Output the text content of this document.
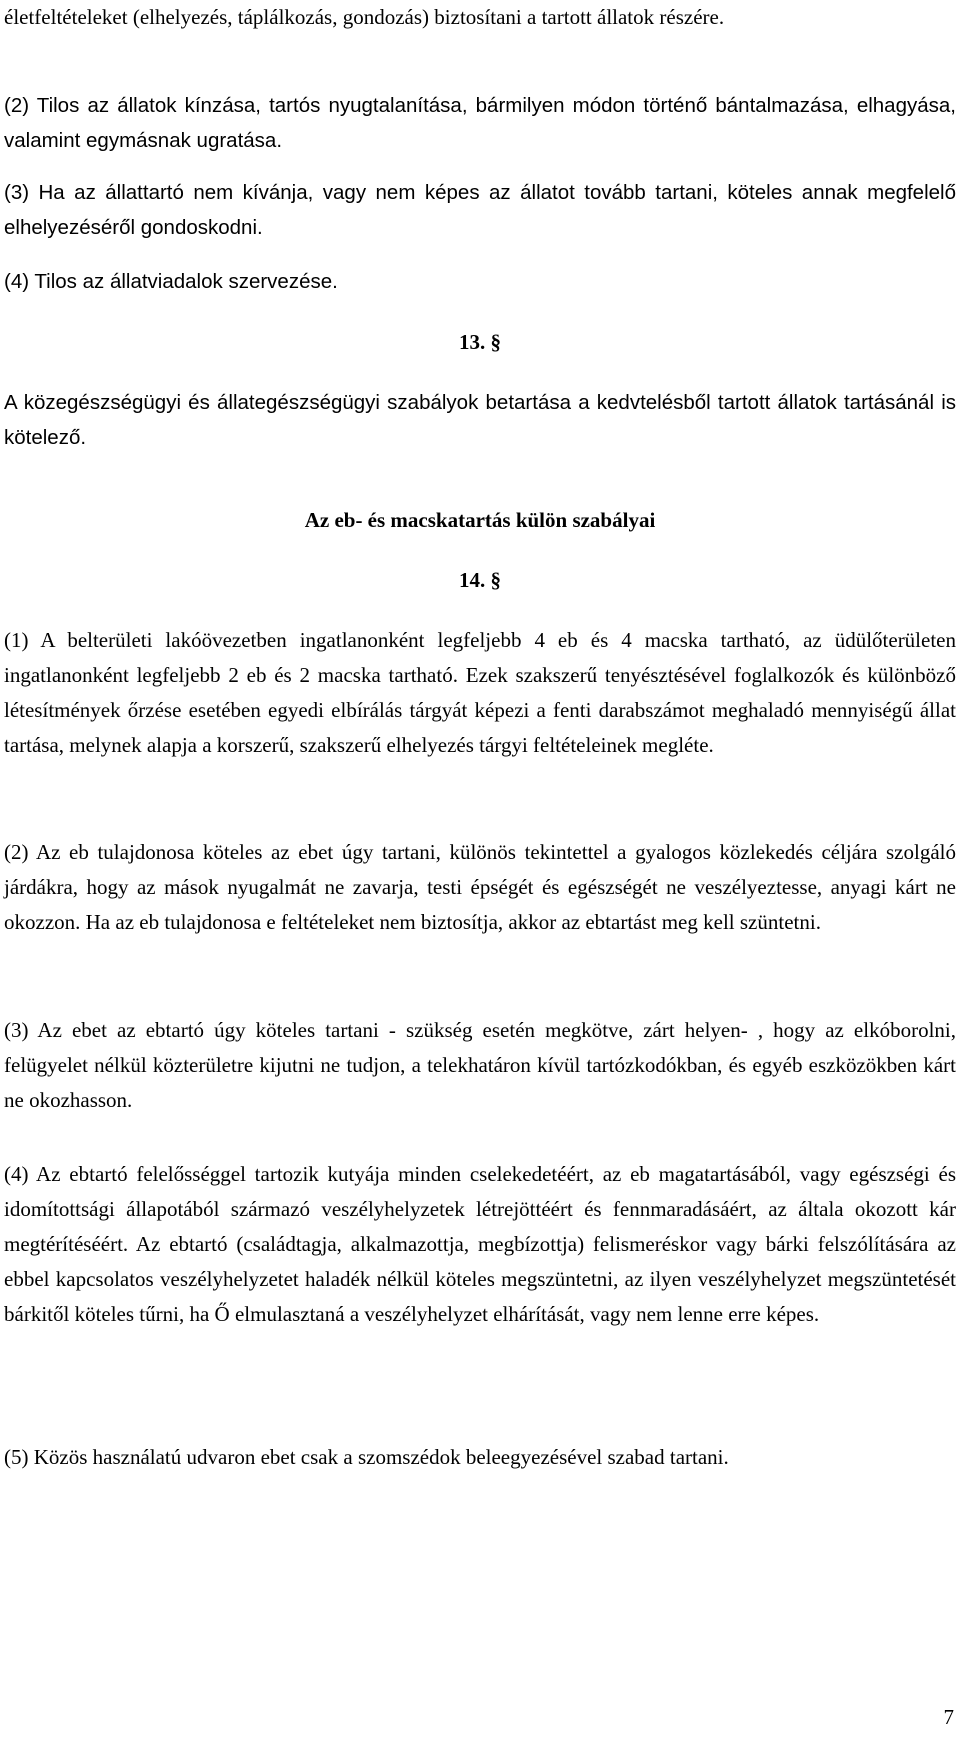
életfeltételeket (elhelyezés, táplálkozás, gondozás) biztosítani a tartott állatok részére.

(2) Tilos az állatok kínzása, tartós nyugtalanítása, bármilyen módon történő bántalmazása, elhagyása, valamint egymásnak ugratása.

(3) Ha az állattartó nem kívánja, vagy nem képes az állatot tovább tartani, köteles annak megfelelő elhelyezéséről gondoskodni.

(4) Tilos az állatviadalok szervezése.

13. §

A közegészségügyi és állategészségügyi szabályok betartása a kedvtelésből tartott állatok tartásánál is kötelező.

Az eb- és macskatartás külön szabályai

14. §

(1) A belterületi lakóövezetben ingatlanonként legfeljebb 4 eb és 4 macska tartható, az üdülőterületen ingatlanonként legfeljebb 2 eb és 2 macska tartható. Ezek szakszerű tenyésztésével foglalkozók és különböző létesítmények őrzése esetében egyedi elbírálás tárgyát képezi a fenti darabszámot meghaladó mennyiségű állat tartása, melynek alapja a korszerű, szakszerű elhelyezés tárgyi feltételeinek megléte.

(2) Az eb tulajdonosa köteles az ebet úgy tartani, különös tekintettel a gyalogos közlekedés céljára szolgáló járdákra, hogy az mások nyugalmát ne zavarja, testi épségét és egészségét ne veszélyeztesse, anyagi kárt ne okozzon. Ha az eb tulajdonosa e feltételeket nem biztosítja, akkor az ebtartást meg kell szüntetni.

(3) Az ebet az ebtartó úgy köteles tartani - szükség esetén megkötve, zárt helyen- , hogy az elkóborolni, felügyelet nélkül közterületre kijutni ne tudjon, a telekhatáron kívül tartózkodókban, és egyéb eszközökben kárt ne okozhasson.

(4) Az ebtartó felelősséggel tartozik kutyája minden cselekedetéért, az eb magatartásából, vagy egészségi és idomítottsági állapotából származó veszélyhelyzetek létrejöttéért és fennmaradásáért, az általa okozott kár megtérítéséért. Az ebtartó (családtagja, alkalmazottja, megbízottja) felismeréskor vagy bárki felszólítására az ebbel kapcsolatos veszélyhelyzetet haladék nélkül köteles megszüntetni, az ilyen veszélyhelyzet megszüntetését bárkitől köteles tűrni, ha Ő elmulasztaná a veszélyhelyzet elhárítását, vagy nem lenne erre képes.

(5) Közös használatú udvaron ebet csak a szomszédok beleegyezésével szabad tartani.

7
